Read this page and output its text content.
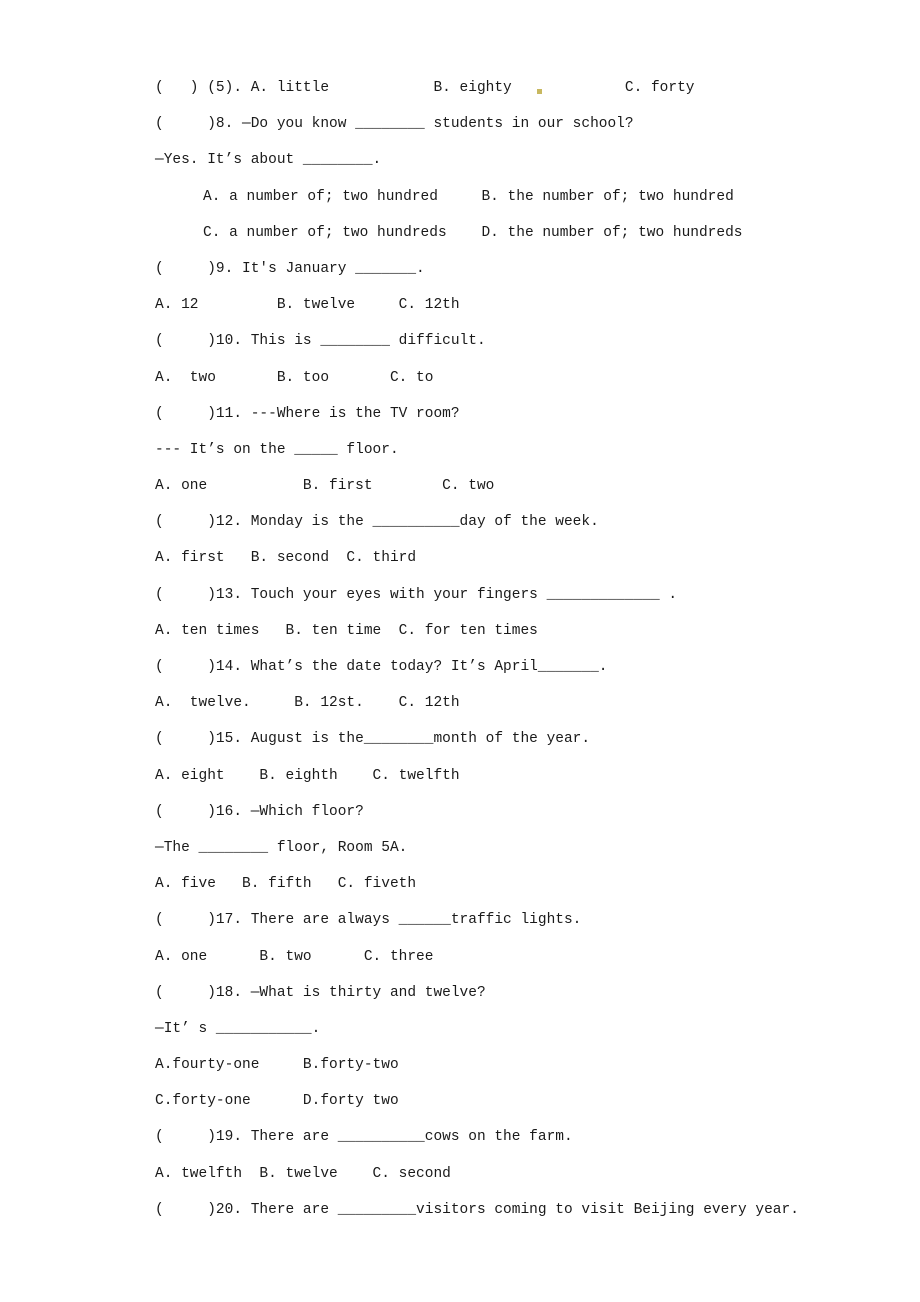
(   ) (5). A. little            B. eighty             C. forty
(     )8. —Do you know ________ students in our school?
—Yes. It’s about ________.
A. a number of; two hundred     B. the number of; two hundred
C. a number of; two hundreds    D. the number of; two hundreds
(     )9. It's January _______.
A. 12         B. twelve     C. 12th
(     )10. This is ________ difficult.
A.  two       B. too       C. to
(     )11. ---Where is the TV room?
--- It’s on the _____ floor.
A. one           B. first        C. two
(     )12. Monday is the __________day of the week.
A. first   B. second  C. third
(     )13. Touch your eyes with your fingers _____________ .
A. ten times   B. ten time  C. for ten times
(     )14. What’s the date today? It’s April_______.
A.  twelve.     B. 12st.    C. 12th
(     )15. August is the________month of the year.
A. eight    B. eighth    C. twelfth
(     )16. —Which floor?
—The ________ floor, Room 5A.
A. five   B. fifth   C. fiveth
(     )17. There are always ______traffic lights.
A. one      B. two      C. three
(     )18. —What is thirty and twelve?
—It’ s ___________.
A.fourty-one     B.forty-two
C.forty-one      D.forty two
(     )19. There are __________cows on the farm.
A. twelfth  B. twelve    C. second
(     )20. There are _________visitors coming to visit Beijing every year.
